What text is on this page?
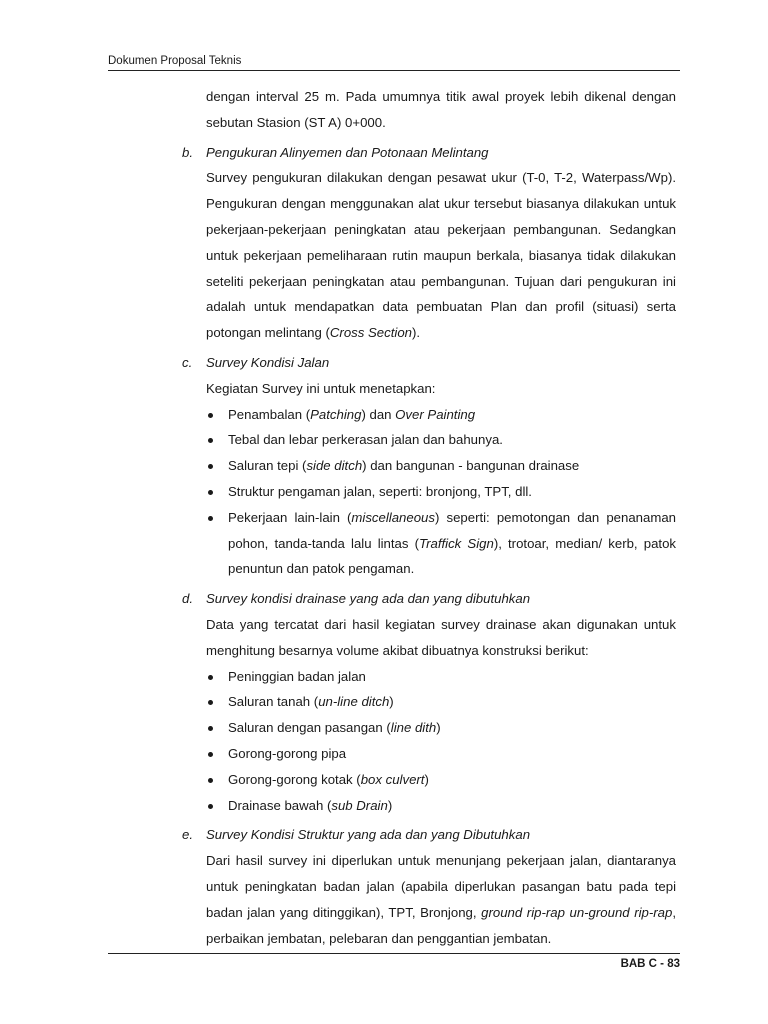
Dokumen Proposal Teknis

dengan interval 25 m. Pada umumnya titik awal proyek lebih dikenal dengan sebutan Stasion (ST A) 0+000.

b. Pengukuran Alinyemen dan Potonaan Melintang

Survey pengukuran dilakukan dengan pesawat ukur (T-0, T-2, Waterpass/Wp). Pengukuran dengan menggunakan alat ukur tersebut biasanya dilakukan untuk pekerjaan-pekerjaan peningkatan atau pekerjaan pembangunan. Sedangkan untuk pekerjaan pemeliharaan rutin maupun berkala, biasanya tidak dilakukan seteliti pekerjaan peningkatan atau pembangunan. Tujuan dari pengukuran ini adalah untuk mendapatkan data pembuatan Plan dan profil (situasi) serta potongan melintang (Cross Section).

c.	Survey Kondisi Jalan

Kegiatan Survey ini untuk menetapkan:

Penambalan (Patching) dan Over Painting
Tebal dan lebar perkerasan jalan dan bahunya.
Saluran tepi (side ditch) dan bangunan - bangunan drainase
Struktur pengaman jalan, seperti: bronjong, TPT, dll.
Pekerjaan lain-lain (miscellaneous) seperti: pemotongan dan penanaman pohon, tanda-tanda lalu lintas (Traffick Sign), trotoar, median/ kerb, patok penuntun dan patok pengaman.
d. Survey kondisi drainase yang ada dan yang dibutuhkan

Data yang tercatat dari hasil kegiatan survey drainase akan digunakan untuk menghitung besarnya volume akibat dibuatnya konstruksi berikut:

Peninggian badan jalan
Saluran tanah (un-line ditch)
Saluran dengan pasangan (line dith)
Gorong-gorong pipa
Gorong-gorong kotak (box culvert)
Drainase bawah (sub Drain)
e. Survey Kondisi Struktur yang ada dan yang Dibutuhkan

Dari hasil survey ini diperlukan untuk menunjang pekerjaan jalan, diantaranya untuk peningkatan badan jalan (apabila diperlukan pasangan batu pada tepi badan jalan yang ditinggikan), TPT, Bronjong, ground rip-rap un-ground rip-rap, perbaikan jembatan, pelebaran dan penggantian jembatan.

BAB C - 83
